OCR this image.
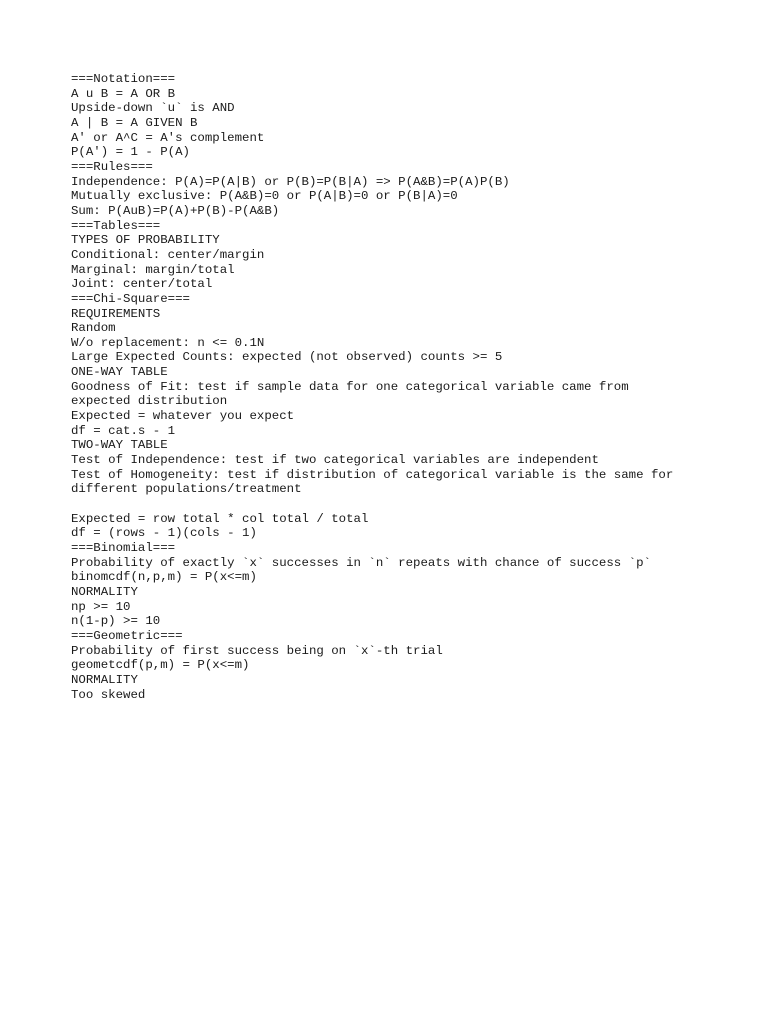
===Notation===
A u B = A OR B
Upside-down `u` is AND
A | B = A GIVEN B
A' or A^C = A's complement
P(A') = 1 - P(A)
===Rules===
Independence: P(A)=P(A|B) or P(B)=P(B|A) => P(A&B)=P(A)P(B)
Mutually exclusive: P(A&B)=0 or P(A|B)=0 or P(B|A)=0
Sum: P(AuB)=P(A)+P(B)-P(A&B)
===Tables===
TYPES OF PROBABILITY
Conditional: center/margin
Marginal: margin/total
Joint: center/total
===Chi-Square===
REQUIREMENTS
Random
W/o replacement: n <= 0.1N
Large Expected Counts: expected (not observed) counts >= 5
ONE-WAY TABLE
Goodness of Fit: test if sample data for one categorical variable came from
expected distribution
Expected = whatever you expect
df = cat.s - 1
TWO-WAY TABLE
Test of Independence: test if two categorical variables are independent
Test of Homogeneity: test if distribution of categorical variable is the same for
different populations/treatment
Expected = row total * col total / total
df = (rows - 1)(cols - 1)
===Binomial===
Probability of exactly `x` successes in `n` repeats with chance of success `p`
binomcdf(n,p,m) = P(x<=m)
NORMALITY
np >= 10
n(1-p) >= 10
===Geometric===
Probability of first success being on `x`-th trial
geometcdf(p,m) = P(x<=m)
NORMALITY
Too skewed
